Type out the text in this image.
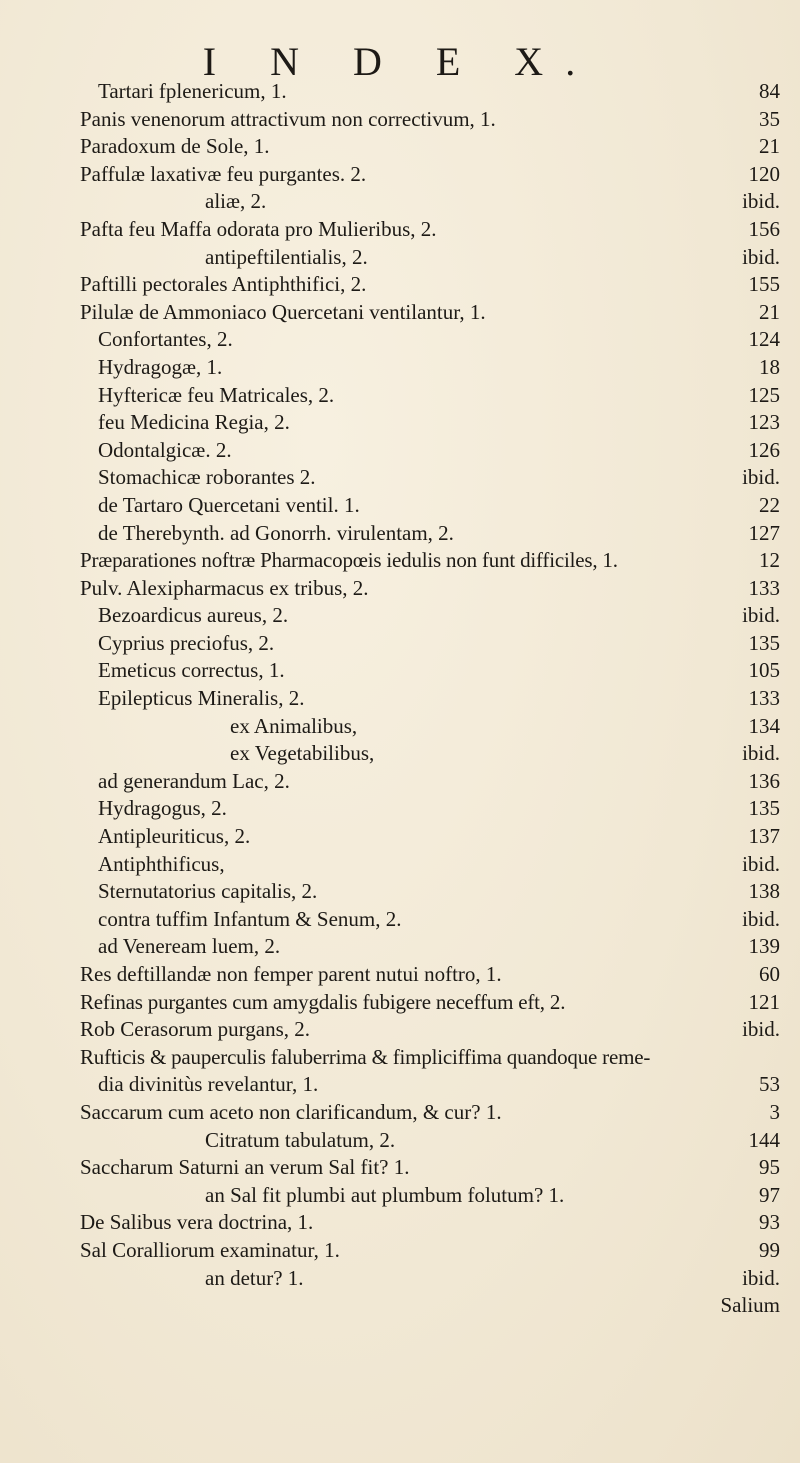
I N D E X.
Tartari fplenericum, 1.	84
Panis venenorum attractivum non correctivum, 1.	35
Paradoxum de Sole, 1.	21
Paffulæ laxativæ feu purgantes. 2.	120
aliæ, 2.	ibid.
Pafta feu Maffa odorata pro Mulieribus, 2.	156
antipeftilentialis, 2.	ibid.
Paftilli pectorales Antiphthifici, 2.	155
Pilulæ de Ammoniaco Quercetani ventilantur, 1.	21
Confortantes, 2.	124
Hydragogæ, 1.	18
Hyftericæ feu Matricales, 2.	125
feu Medicina Regia, 2.	123
Odontalgicæ. 2.	126
Stomachicæ roborantes 2.	ibid.
de Tartaro Quercetani ventil. 1.	22
de Therebynth. ad Gonorrh. virulentam, 2.	127
Præparationes noftræ Pharmacopœis iedulis non funt difficiles, 1.	12
Pulv. Alexipharmacus ex tribus, 2.	133
Bezoardicus aureus, 2.	ibid.
Cyprius preciofus, 2.	135
Emeticus correctus, 1.	105
Epilepticus Mineralis, 2.	133
ex Animalibus,	134
ex Vegetabilibus,	ibid.
ad generandum Lac, 2.	136
Hydragogus, 2.	135
Antipleuriticus, 2.	137
Antiphthificus,	ibid.
Sternutatorius capitalis, 2.	138
contra tuffim Infantum & Senum, 2.	ibid.
ad Veneream luem, 2.	139
Res deftillandæ non femper parent nutui noftro, 1.	60
Refinas purgantes cum amygdalis fubigere neceffum eft, 2.	121
Rob Cerasorum purgans, 2.	ibid.
Rufticis & pauperculis faluberrima & fimpliciffima quandoque reme-
dia divinitùs revelantur, 1.	53
Saccarum cum aceto non clarificandum, & cur? 1.	3
Citratum tabulatum, 2.	144
Saccharum Saturni an verum Sal fit? 1.	95
an Sal fit plumbi aut plumbum folutum? 1.	97
De Salibus vera doctrina, 1.	93
Sal Coralliorum examinatur, 1.	99
an detur? 1.	ibid.
Salium
